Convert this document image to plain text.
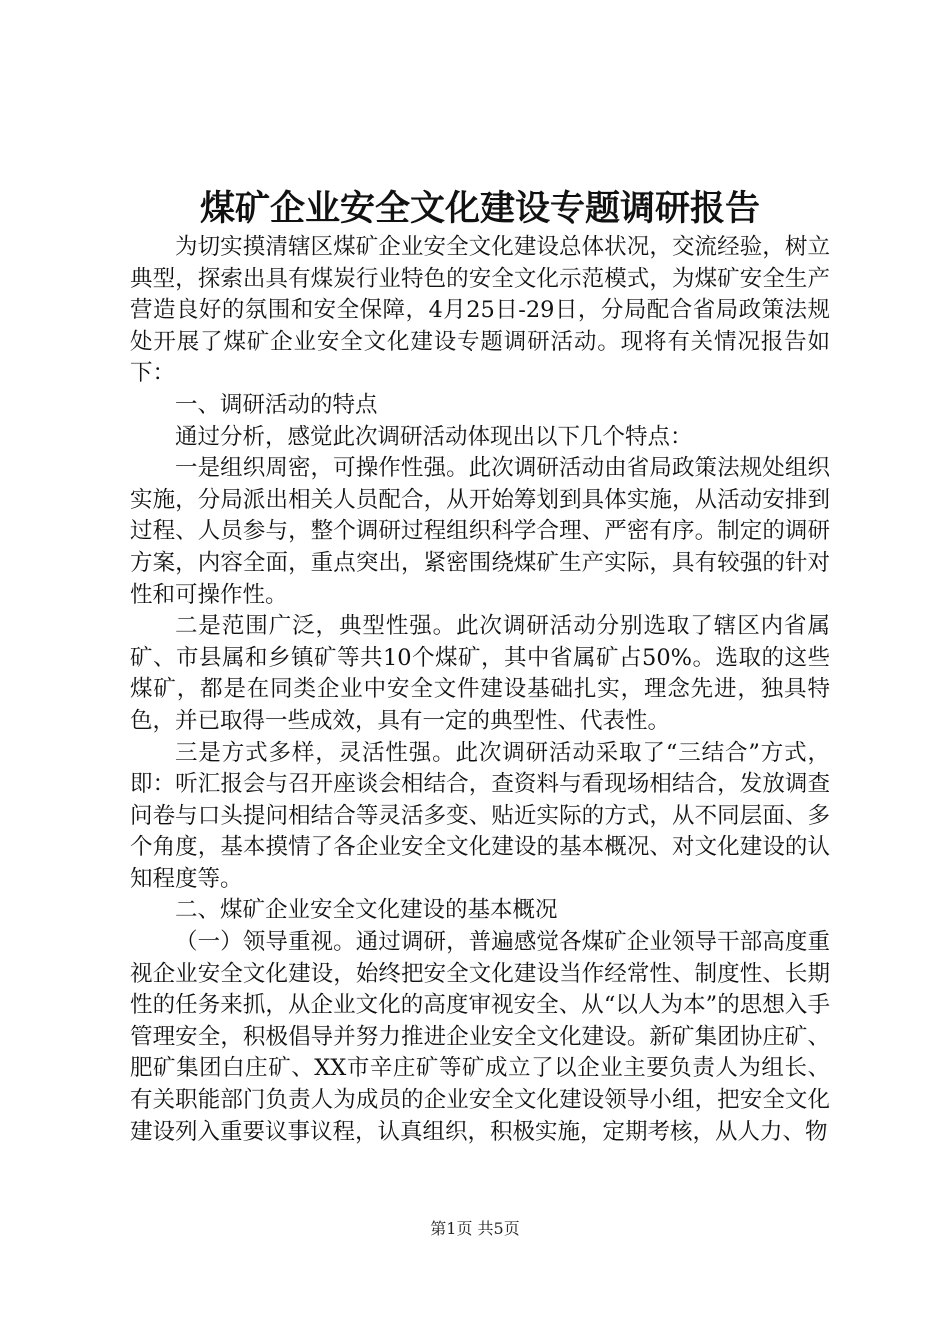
煤矿企业安全文化建设专题调研报告

为切实摸清辖区煤矿企业安全文化建设总体状况，交流经验，树立典型，探索出具有煤炭行业特色的安全文化示范模式，为煤矿安全生产营造良好的氛围和安全保障，4月25日-29日，分局配合省局政策法规处开展了煤矿企业安全文化建设专题调研活动。现将有关情况报告如下：

一、调研活动的特点

通过分析，感觉此次调研活动体现出以下几个特点：

一是组织周密，可操作性强。此次调研活动由省局政策法规处组织实施，分局派出相关人员配合，从开始筹划到具体实施，从活动安排到过程、人员参与，整个调研过程组织科学合理、严密有序。制定的调研方案，内容全面，重点突出，紧密围绕煤矿生产实际，具有较强的针对性和可操作性。

二是范围广泛，典型性强。此次调研活动分别选取了辖区内省属矿、市县属和乡镇矿等共10个煤矿，其中省属矿占50%。选取的这些煤矿，都是在同类企业中安全文件建设基础扎实，理念先进，独具特色，并已取得一些成效，具有一定的典型性、代表性。

三是方式多样，灵活性强。此次调研活动采取了“三结合”方式，即：听汇报会与召开座谈会相结合，查资料与看现场相结合，发放调查问卷与口头提问相结合等灵活多变、贴近实际的方式，从不同层面、多个角度，基本摸情了各企业安全文化建设的基本概况、对文化建设的认知程度等。

二、煤矿企业安全文化建设的基本概况

（一）领导重视。通过调研，普遍感觉各煤矿企业领导干部高度重视企业安全文化建设，始终把安全文化建设当作经常性、制度性、长期性的任务来抓，从企业文化的高度审视安全、从“以人为本”的思想入手管理安全，积极倡导并努力推进企业安全文化建设。新矿集团协庄矿、肥矿集团白庄矿、XX市辛庄矿等矿成立了以企业主要负责人为组长、有关职能部门负责人为成员的企业安全文化建设领导小组，把安全文化建设列入重要议事议程，认真组织，积极实施，定期考核，从人力、物

第1页 共5页
